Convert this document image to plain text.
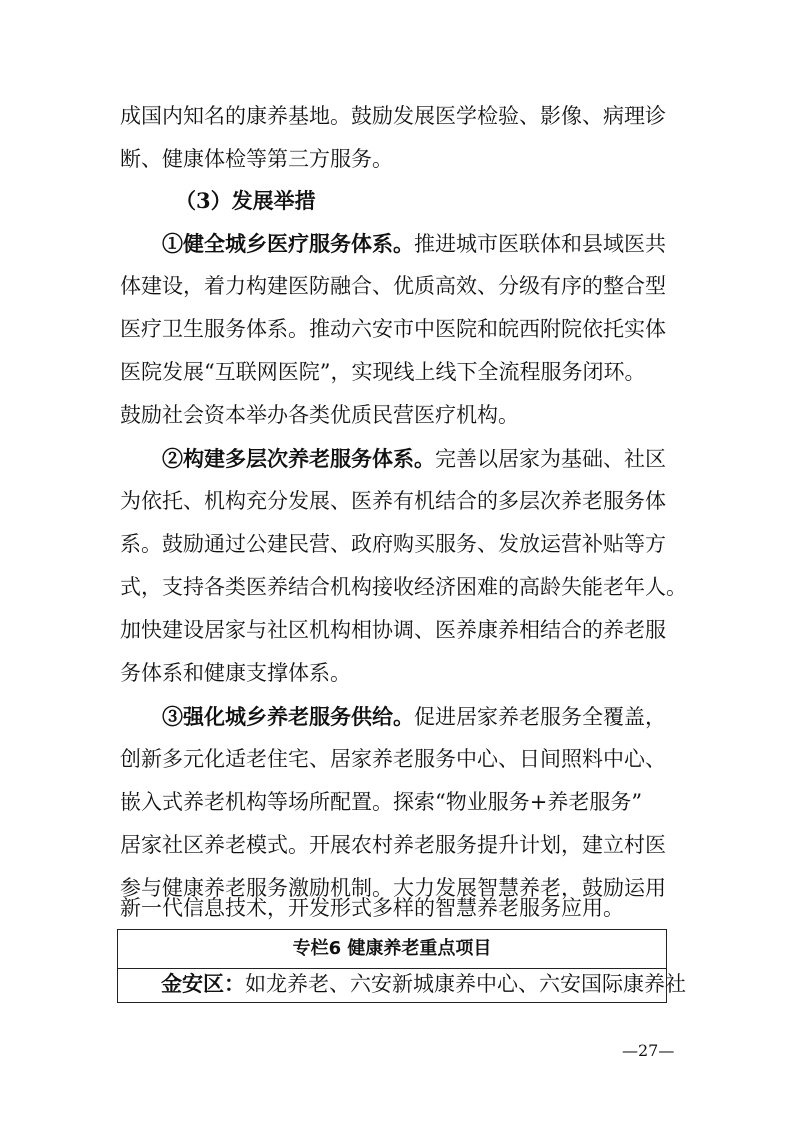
成国内知名的康养基地。鼓励发展医学检验、影像、病理诊
断、健康体检等第三方服务。
（3）发展举措
①健全城乡医疗服务体系。推进城市医联体和县域医共
体建设，着力构建医防融合、优质高效、分级有序的整合型
医疗卫生服务体系。推动六安市中医院和皖西附院依托实体
医院发展“互联网医院”，实现线上线下全流程服务闭环。
鼓励社会资本举办各类优质民营医疗机构。
②构建多层次养老服务体系。完善以居家为基础、社区
为依托、机构充分发展、医养有机结合的多层次养老服务体
系。鼓励通过公建民营、政府购买服务、发放运营补贴等方
式，支持各类医养结合机构接收经济困难的高龄失能老年人。
加快建设居家与社区机构相协调、医养康养相结合的养老服
务体系和健康支撑体系。
③强化城乡养老服务供给。促进居家养老服务全覆盖，
创新多元化适老住宅、居家养老服务中心、日间照料中心、
嵌入式养老机构等场所配置。探索“物业服务+养老服务”
居家社区养老模式。开展农村养老服务提升计划，建立村医
参与健康养老服务激励机制。大力发展智慧养老，鼓励运用
专栏6 健康养老重点项目
金安区：如龙养老、六安新城康养中心、六安国际康养社
—27—
新一代信息技术，开发形式多样的智慧养老服务应用。
